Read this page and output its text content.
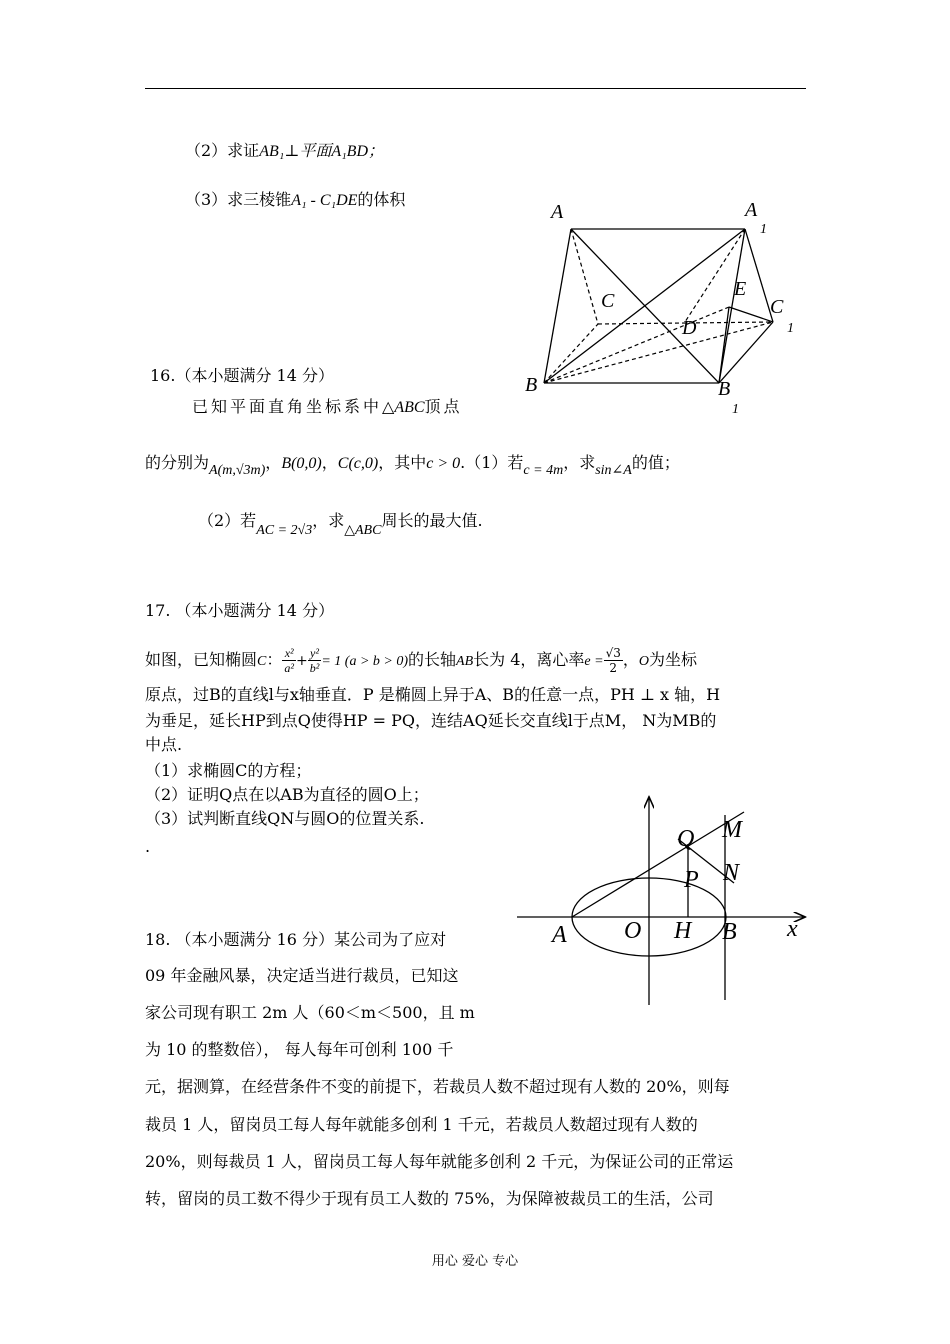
（2）求证AB₁⊥平面A₁BD；
（3）求三棱锥A₁ - C₁DE的体积
A	A
1
C
E
C
1
D
B	B
1
16.（本小题满分 14 分）
已知平面直角坐标系中△ABC顶点
的分别为A(m,√3m)，B(0,0)，C(c,0)，其中c > 0.（1）若c = 4m，求sin∠A的值；
（2）若AC = 2√3，求△ABC周长的最大值.
17. （本小题满分 14 分）
如图，已知椭圆C： $\frac{\text{x²}}{\text{a²}} + \frac{\text{y²}}{\text{b²}} = 1$ (a > b > 0)的长轴AB长为 4，离心率$e = \frac{√3}{2}$ ，O为坐标
原点，过B的直线l与x轴垂直．P 是椭圆上异于A、B的任意一点，PH ⊥ x 轴，H
为垂足，延长HP到点Q使得HP = PQ，连结AQ延长交直线l于点M， N为MB的
中点.
（1）求椭圆C的方程；
（2）证明Q点在以AB为直径的圆O上；
（3）试判断直线QN与圆O的位置关系.
.	Q M
P N
A O H B x
18. （本小题满分 16 分）某公司为了应对
09 年金融风暴，决定适当进行裁员，已知这
家公司现有职工 2m 人（60＜m＜500，且 m
为 10 的整数倍）， 每人每年可创利 100 千
元，据测算，在经营条件不变的前提下，若裁员人数不超过现有人数的 20%，则每
裁员 1 人，留岗员工每人每年就能多创利 1 千元，若裁员人数超过现有人数的
20%，则每裁员 1 人，留岗员工每人每年就能多创利 2 千元，为保证公司的正常运
转，留岗的员工数不得少于现有员工人数的 75%，为保障被裁员工的生活，公司
用心 爱心 专心
